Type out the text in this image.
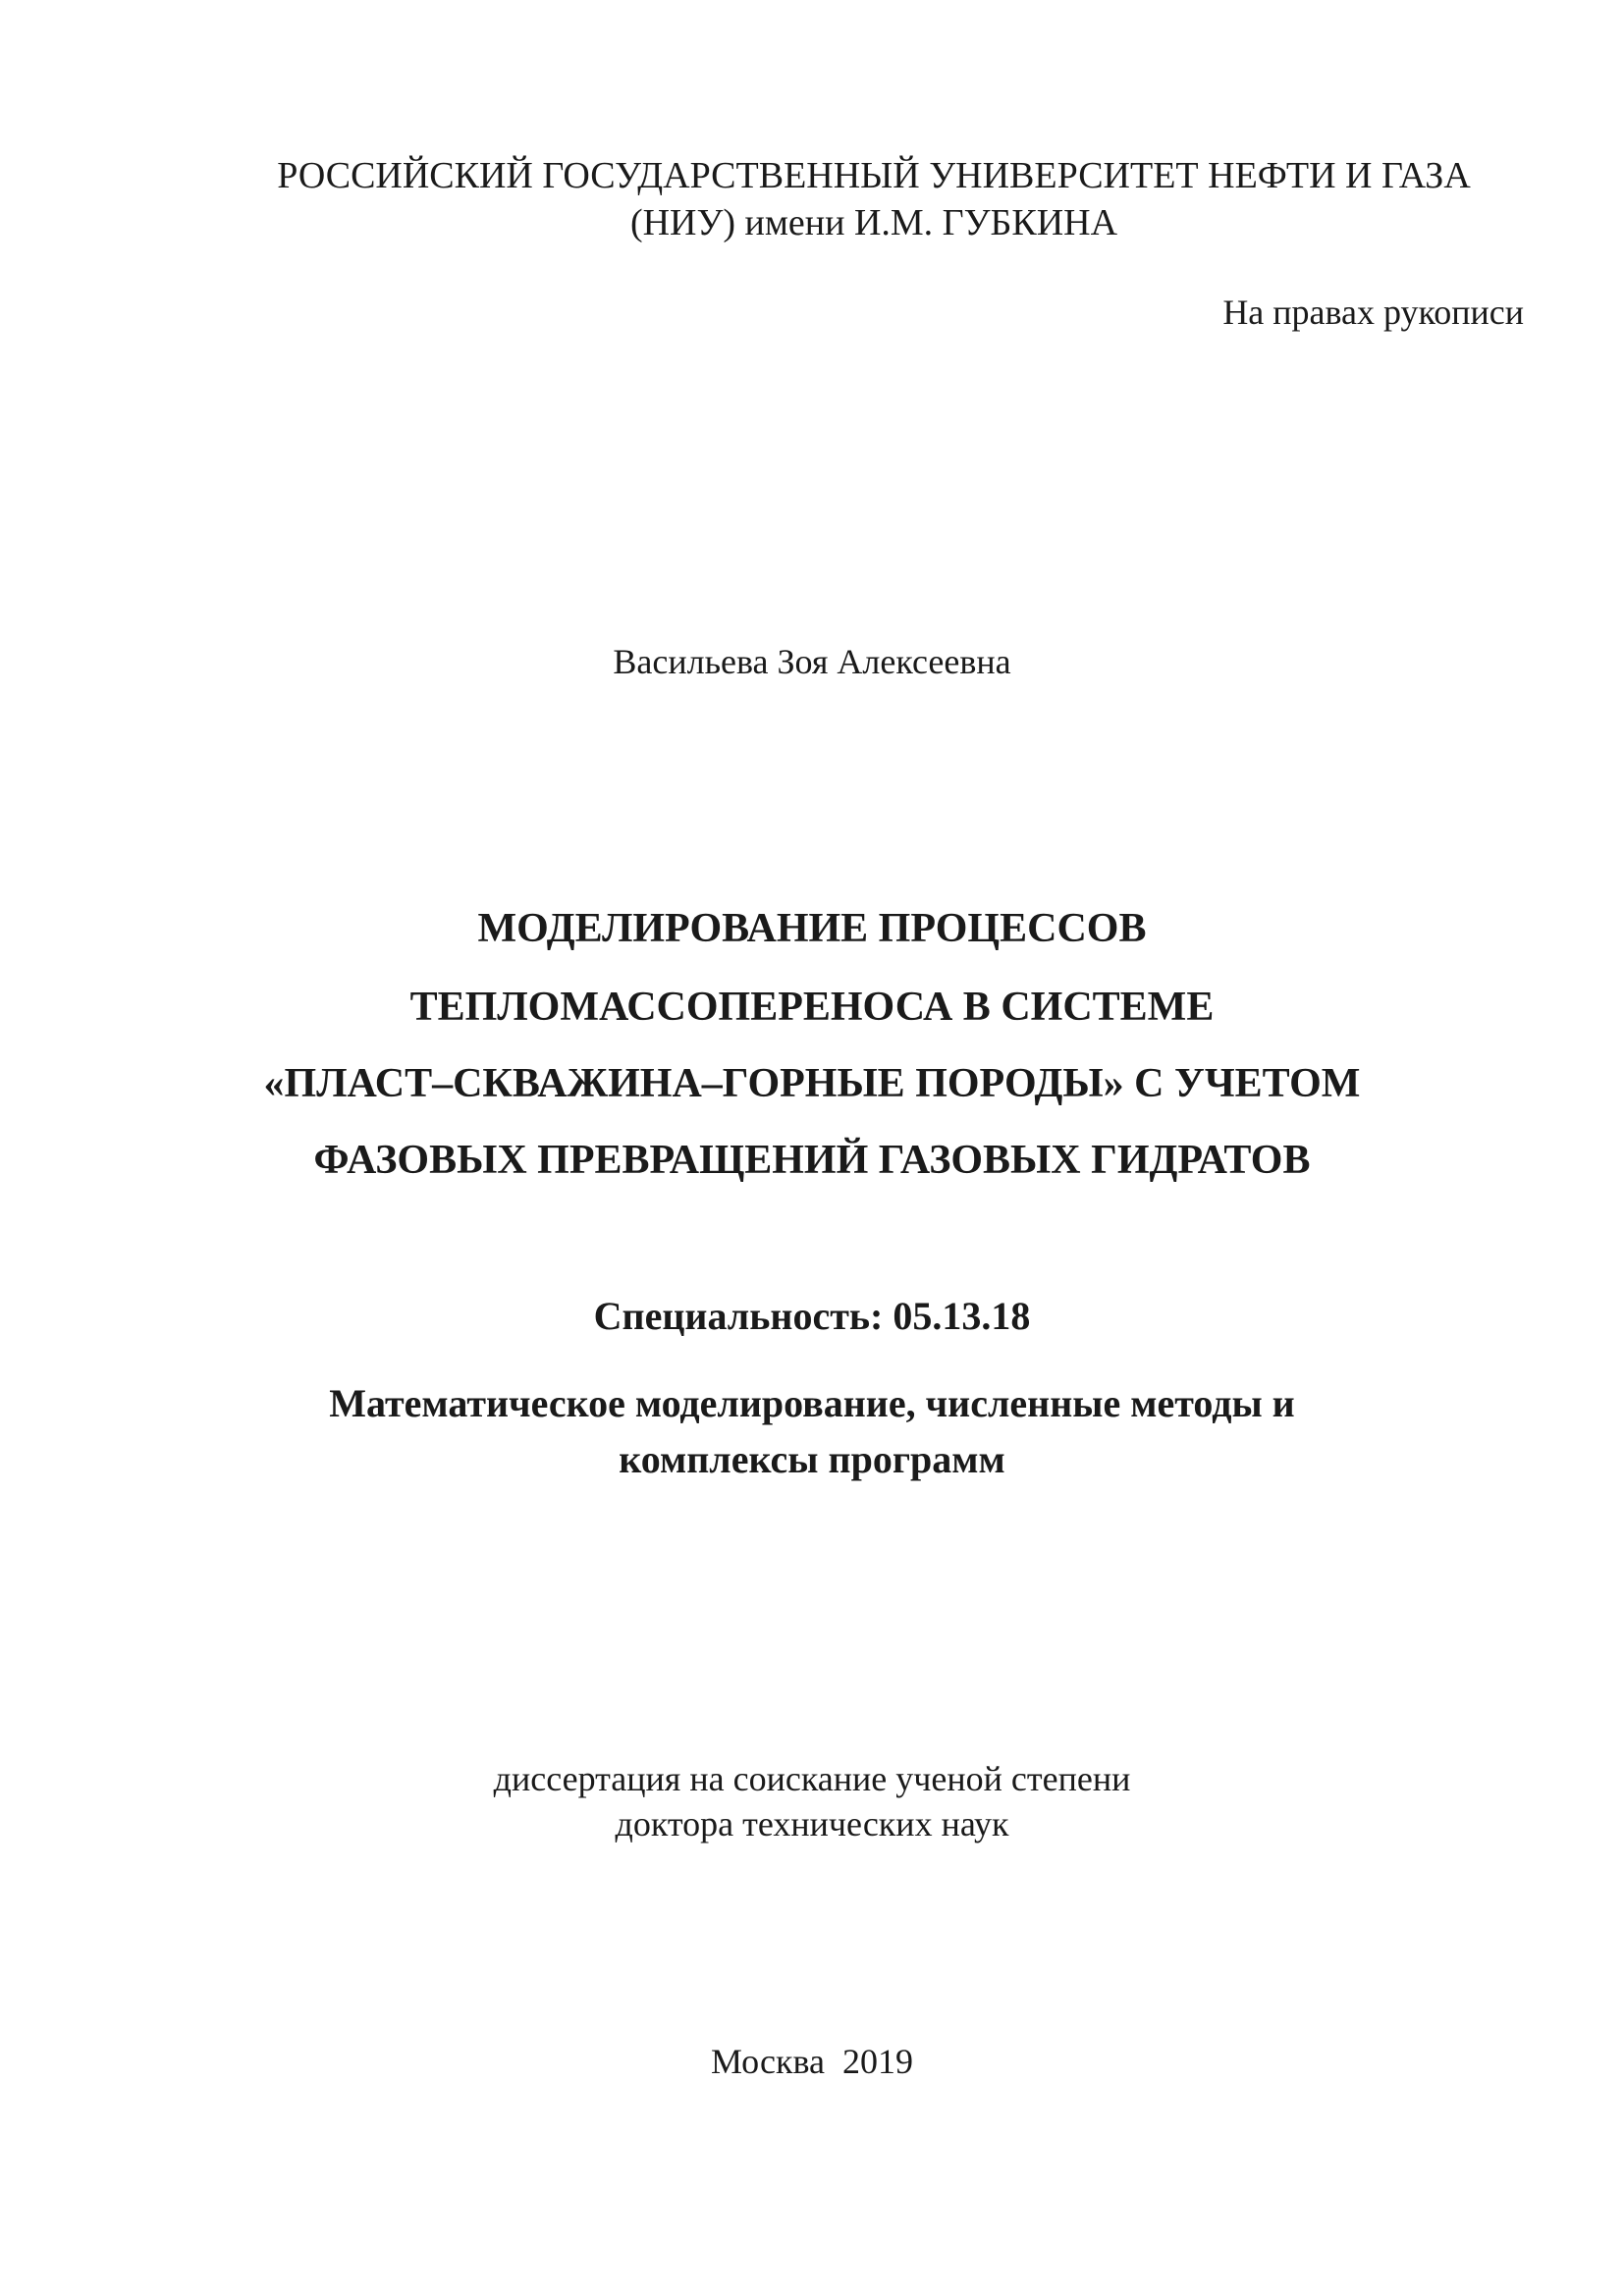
РОССИЙСКИЙ ГОСУДАРСТВЕННЫЙ УНИВЕРСИТЕТ НЕФТИ И ГАЗА

(НИУ) имени И.М. ГУБКИНА

На правах рукописи

Васильева Зоя Алексеевна

МОДЕЛИРОВАНИЕ ПРОЦЕССОВ

ТЕПЛОМАССОПЕРЕНОСА В СИСТЕМЕ

«ПЛАСТ–СКВАЖИНА–ГОРНЫЕ ПОРОДЫ» С УЧЕТОМ

ФАЗОВЫХ ПРЕВРАЩЕНИЙ ГАЗОВЫХ ГИДРАТОВ

Специальность: 05.13.18

Математическое моделирование, численные методы и

комплексы программ

диссертация на соискание ученой степени

доктора технических наук

Москва  2019
